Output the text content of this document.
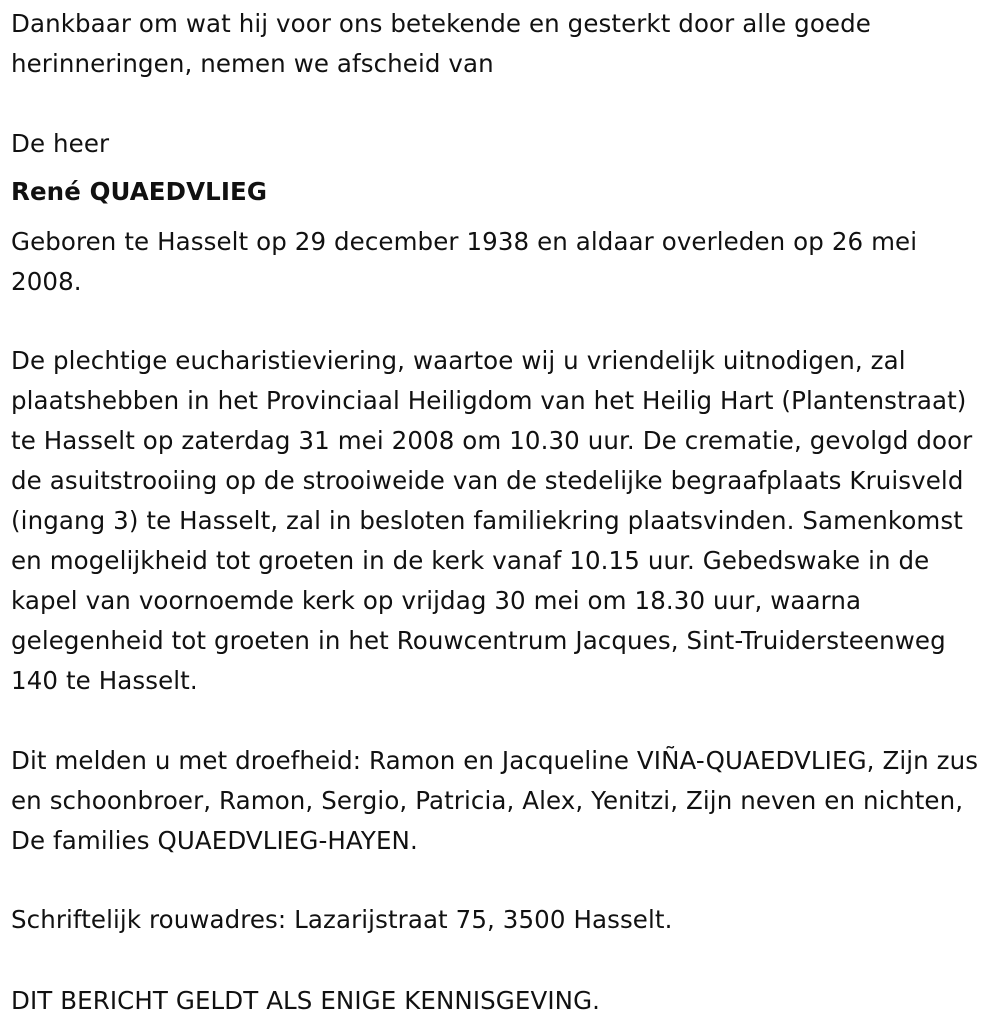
Dankbaar om wat hij voor ons betekende en gesterkt door alle goede herinneringen, nemen we afscheid van

De heer

René QUAEDVLIEG

Geboren te Hasselt op 29 december 1938 en aldaar overleden op 26 mei 2008.

De plechtige eucharistieviering, waartoe wij u vriendelijk uitnodigen, zal plaatshebben in het Provinciaal Heiligdom van het Heilig Hart (Plantenstraat) te Hasselt op zaterdag 31 mei 2008 om 10.30 uur. De crematie, gevolgd door de asuitstrooiing op de strooiweide van de stedelijke begraafplaats Kruisveld (ingang 3) te Hasselt, zal in besloten familiekring plaatsvinden. Samenkomst en mogelijkheid tot groeten in de kerk vanaf 10.15 uur. Gebedswake in de kapel van voornoemde kerk op vrijdag 30 mei om 18.30 uur, waarna gelegenheid tot groeten in het Rouwcentrum Jacques, Sint-Truidersteenweg 140 te Hasselt.

Dit melden u met droefheid: Ramon en Jacqueline VIÑA-QUAEDVLIEG, Zijn zus en schoonbroer, Ramon, Sergio, Patricia, Alex, Yenitzi, Zijn neven en nichten, De families QUAEDVLIEG-HAYEN.

Schriftelijk rouwadres: Lazarijstraat 75, 3500 Hasselt.

DIT BERICHT GELDT ALS ENIGE KENNISGEVING.
